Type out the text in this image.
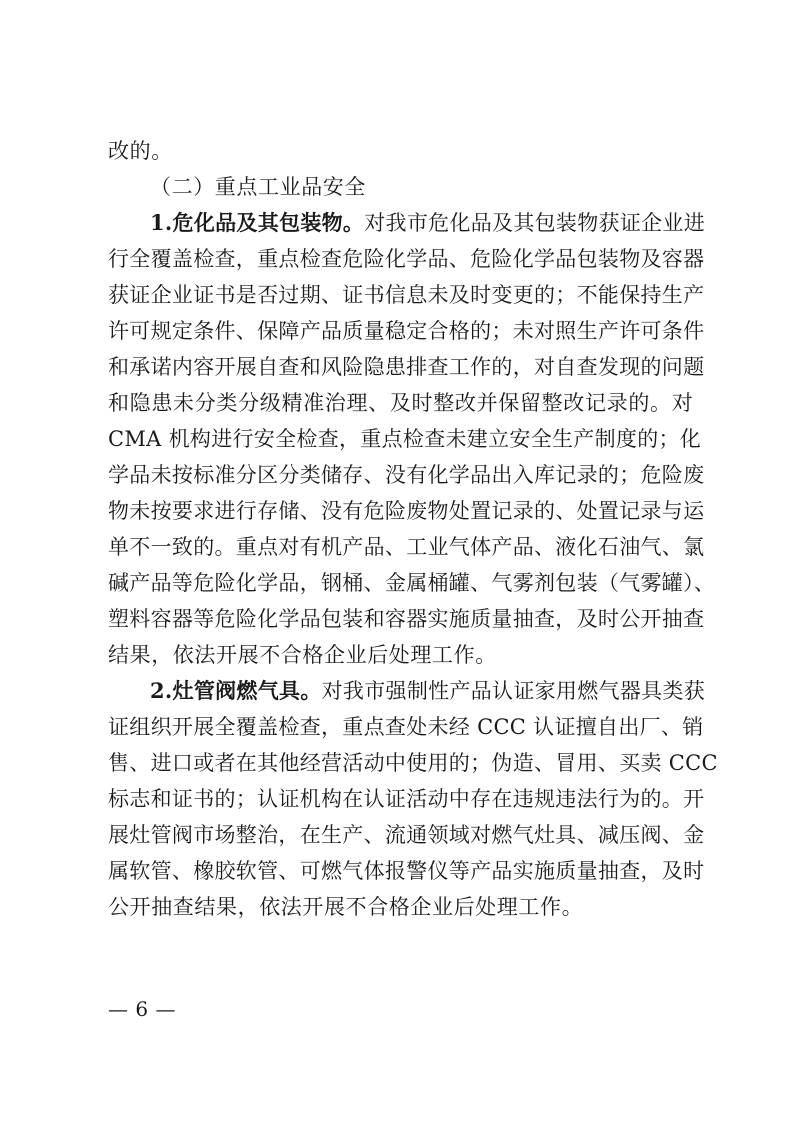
改的。
（二）重点工业品安全
1.危化品及其包装物。对我市危化品及其包装物获证企业进
行全覆盖检查，重点检查危险化学品、危险化学品包装物及容器
获证企业证书是否过期、证书信息未及时变更的；不能保持生产
许可规定条件、保障产品质量稳定合格的；未对照生产许可条件
和承诺内容开展自查和风险隐患排查工作的，对自查发现的问题
和隐患未分类分级精准治理、及时整改并保留整改记录的。对
CMA 机构进行安全检查，重点检查未建立安全生产制度的；化
学品未按标准分区分类储存、没有化学品出入库记录的；危险废
物未按要求进行存储、没有危险废物处置记录的、处置记录与运
单不一致的。重点对有机产品、工业气体产品、液化石油气、氯
碱产品等危险化学品，钢桶、金属桶罐、气雾剂包装（气雾罐）、
塑料容器等危险化学品包装和容器实施质量抽查，及时公开抽查
结果，依法开展不合格企业后处理工作。
2.灶管阀燃气具。对我市强制性产品认证家用燃气器具类获
证组织开展全覆盖检查，重点查处未经 CCC 认证擅自出厂、销
售、进口或者在其他经营活动中使用的；伪造、冒用、买卖 CCC
标志和证书的；认证机构在认证活动中存在违规违法行为的。开
展灶管阀市场整治，在生产、流通领域对燃气灶具、减压阀、金
属软管、橡胶软管、可燃气体报警仪等产品实施质量抽查，及时
公开抽查结果，依法开展不合格企业后处理工作。
— 6 —
